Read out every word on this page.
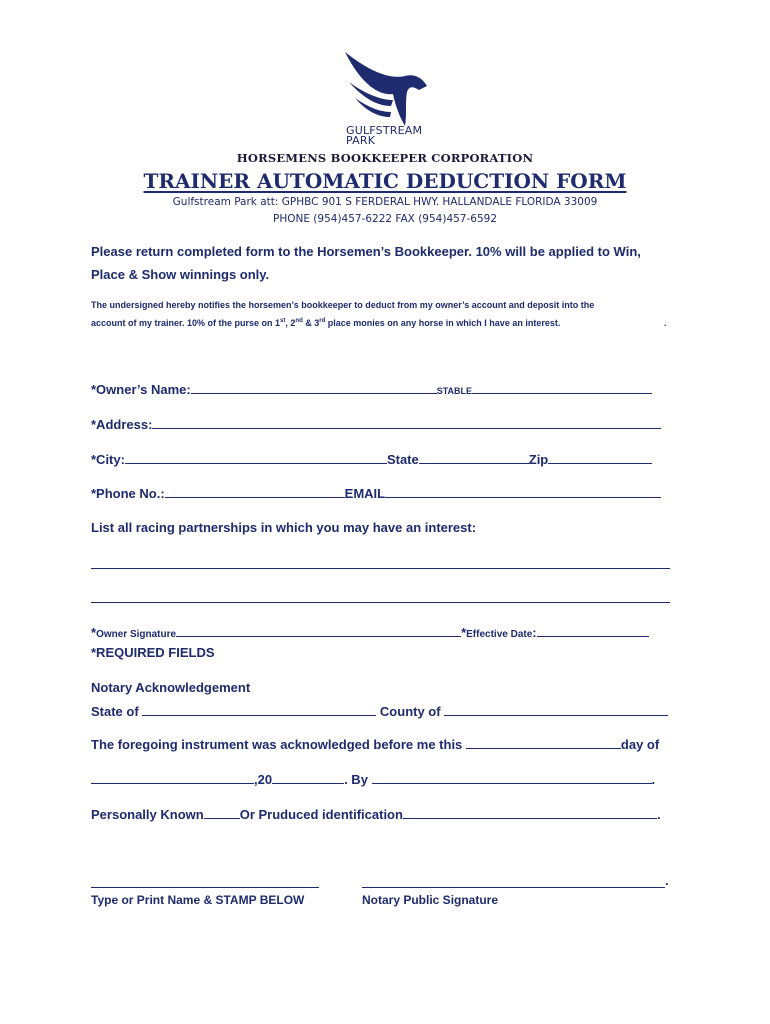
GULFSTREAM
PARK
HORSEMENS BOOKKEEPER CORPORATION
TRAINER AUTOMATIC DEDUCTION FORM
Gulfstream Park att: GPHBC 901 S FERDERAL HWY. HALLANDALE FLORIDA 33009
PHONE (954)457-6222 FAX (954)457-6592
Please return completed form to the Horsemen’s Bookkeeper. 10% will be applied to Win,
Place & Show winnings only.
The undersigned hereby notifies the horsemen’s bookkeeper to deduct from my owner’s account and deposit into the
account of my trainer. 10% of the purse on 1st, 2nd & 3rd place monies on any horse in which I have an interest.	.
*Owner’s Name:	STABLE
*Address:
*City:	State	Zip
*Phone No.:	EMAIL
List all racing partnerships in which you may have an interest:
*Owner Signature	*Effective Date:
*REQUIRED FIELDS
Notary Acknowledgement
State of	County of
The foregoing instrument was acknowledged before me this	day of
,20	. By	.
Personally Known	Or Pruduced identification	.
.
Type or Print Name & STAMP BELOW	Notary Public Signature
